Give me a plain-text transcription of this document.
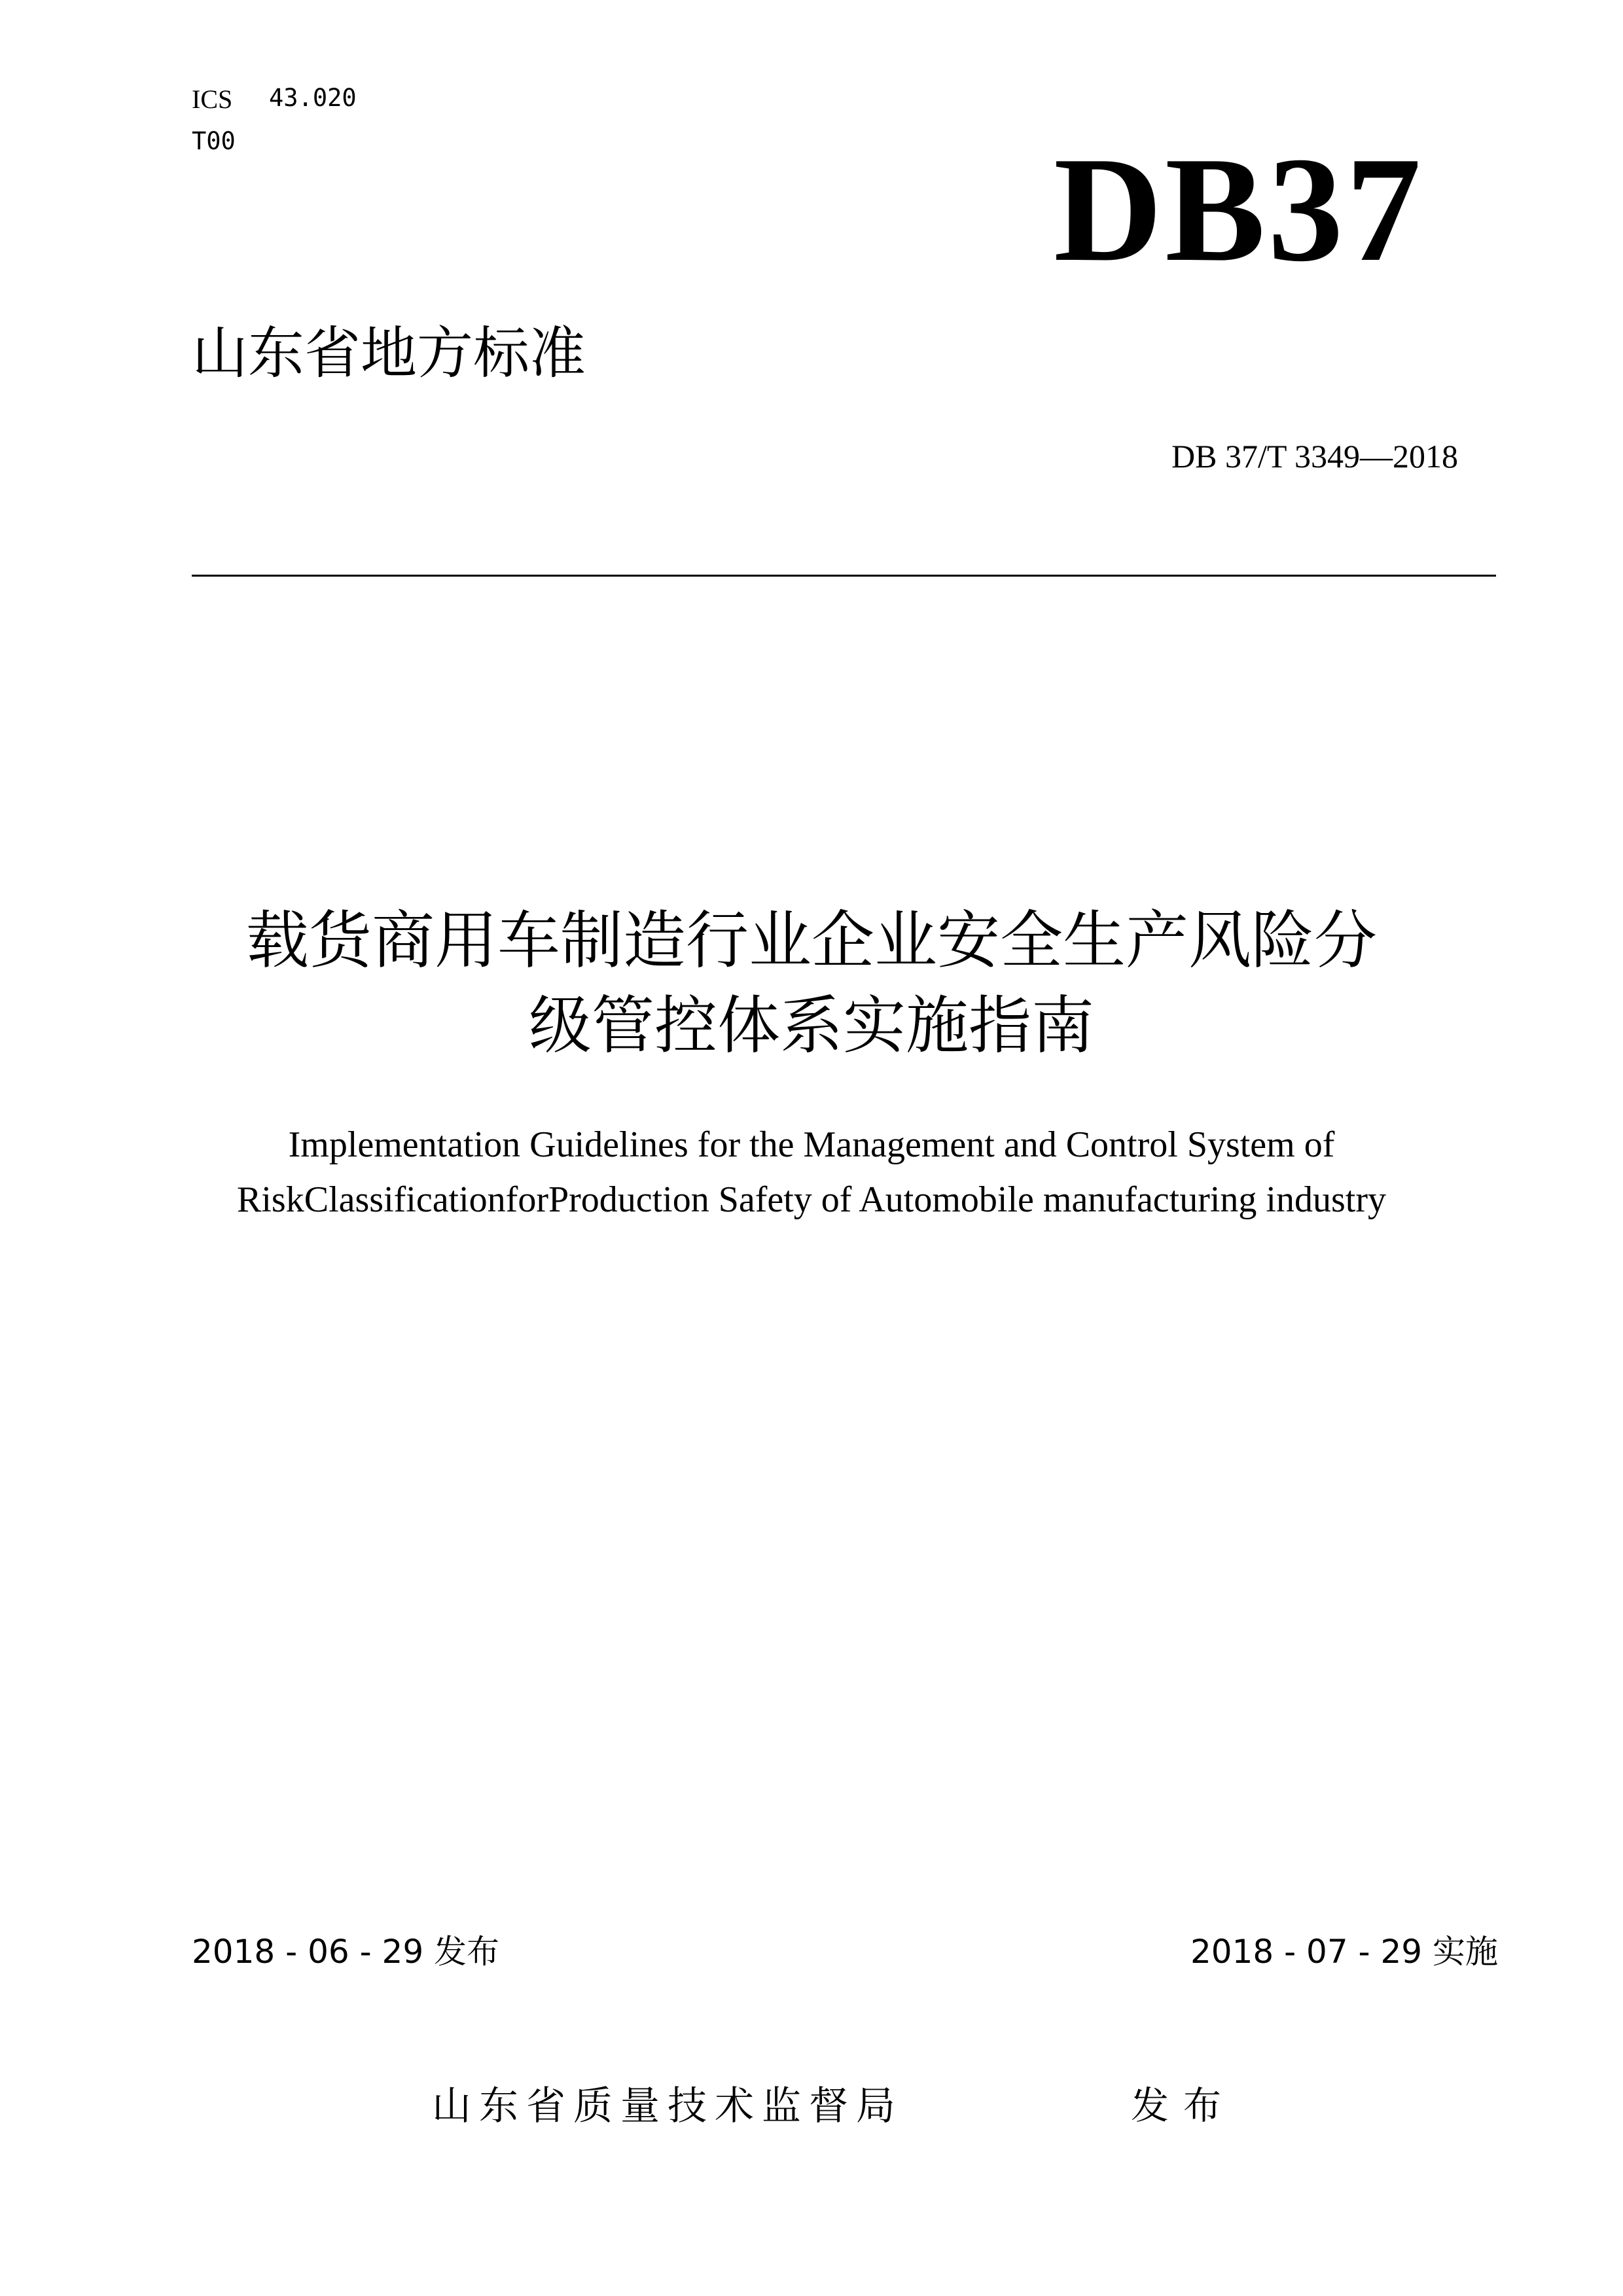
ICS 43.020
T00	DB37
山东省地方标准
DB 37/T 3349—2018
载货商用车制造行业企业安全生产风险分
级管控体系实施指南
Implementation Guidelines for the Management and Control System of
RiskClassificationforProduction Safety of Automobile manufacturing industry
2018 - 06 - 29 发布	2018 - 07 - 29 实施
山东省质量技术监督局	发布
